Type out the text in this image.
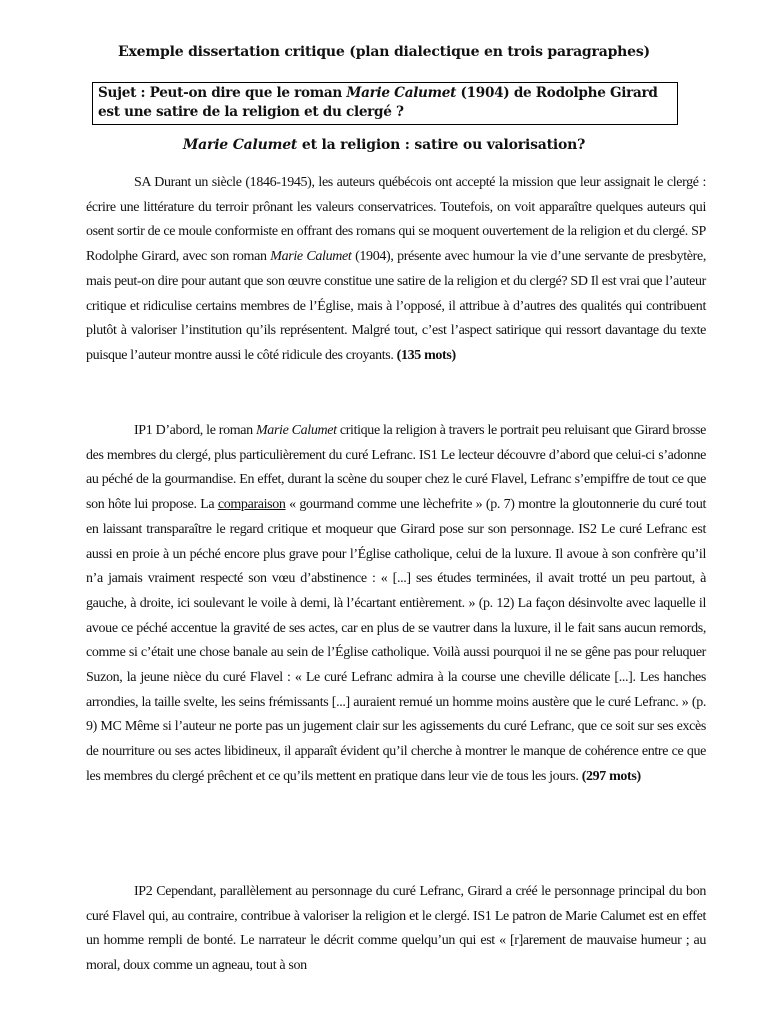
Exemple dissertation critique (plan dialectique en trois paragraphes)
Sujet : Peut-on dire que le roman Marie Calumet (1904) de Rodolphe Girard est une satire de la religion et du clergé ?
Marie Calumet et la religion : satire ou valorisation?
SA Durant un siècle (1846-1945), les auteurs québécois ont accepté la mission que leur assignait le clergé : écrire une littérature du terroir prônant les valeurs conservatrices. Toutefois, on voit apparaître quelques auteurs qui osent sortir de ce moule conformiste en offrant des romans qui se moquent ouvertement de la religion et du clergé. SP Rodolphe Girard, avec son roman Marie Calumet (1904), présente avec humour la vie d’une servante de presbytère, mais peut-on dire pour autant que son œuvre constitue une satire de la religion et du clergé? SD Il est vrai que l’auteur critique et ridiculise certains membres de l’Église, mais à l’opposé, il attribue à d’autres des qualités qui contribuent plutôt à valoriser l’institution qu’ils représentent. Malgré tout, c’est l’aspect satirique qui ressort davantage du texte puisque l’auteur montre aussi le côté ridicule des croyants. (135 mots)
IP1 D’abord, le roman Marie Calumet critique la religion à travers le portrait peu reluisant que Girard brosse des membres du clergé, plus particulièrement du curé Lefranc. IS1 Le lecteur découvre d’abord que celui-ci s’adonne au péché de la gourmandise. En effet, durant la scène du souper chez le curé Flavel, Lefranc s’empiffre de tout ce que son hôte lui propose. La comparaison « gourmand comme une lèchefrite » (p. 7) montre la gloutonnerie du curé tout en laissant transparaître le regard critique et moqueur que Girard pose sur son personnage. IS2 Le curé Lefranc est aussi en proie à un péché encore plus grave pour l’Église catholique, celui de la luxure. Il avoue à son confrère qu’il n’a jamais vraiment respecté son vœu d’abstinence : « [...] ses études terminées, il avait trotté un peu partout, à gauche, à droite, ici soulevant le voile à demi, là l’écartant entièrement. » (p. 12) La façon désinvolte avec laquelle il avoue ce péché accentue la gravité de ses actes, car en plus de se vautrer dans la luxure, il le fait sans aucun remords, comme si c’était une chose banale au sein de l’Église catholique. Voilà aussi pourquoi il ne se gêne pas pour reluquer Suzon, la jeune nièce du curé Flavel : « Le curé Lefranc admira à la course une cheville délicate [...]. Les hanches arrondies, la taille svelte, les seins frémissants [...] auraient remué un homme moins austère que le curé Lefranc. » (p. 9) MC Même si l’auteur ne porte pas un jugement clair sur les agissements du curé Lefranc, que ce soit sur ses excès de nourriture ou ses actes libidineux, il apparaît évident qu’il cherche à montrer le manque de cohérence entre ce que les membres du clergé prêchent et ce qu’ils mettent en pratique dans leur vie de tous les jours. (297 mots)
IP2 Cependant, parallèlement au personnage du curé Lefranc, Girard a créé le personnage principal du bon curé Flavel qui, au contraire, contribue à valoriser la religion et le clergé. IS1 Le patron de Marie Calumet est en effet un homme rempli de bonté. Le narrateur le décrit comme quelqu’un qui est « [r]arement de mauvaise humeur ; au moral, doux comme un agneau, tout à son
